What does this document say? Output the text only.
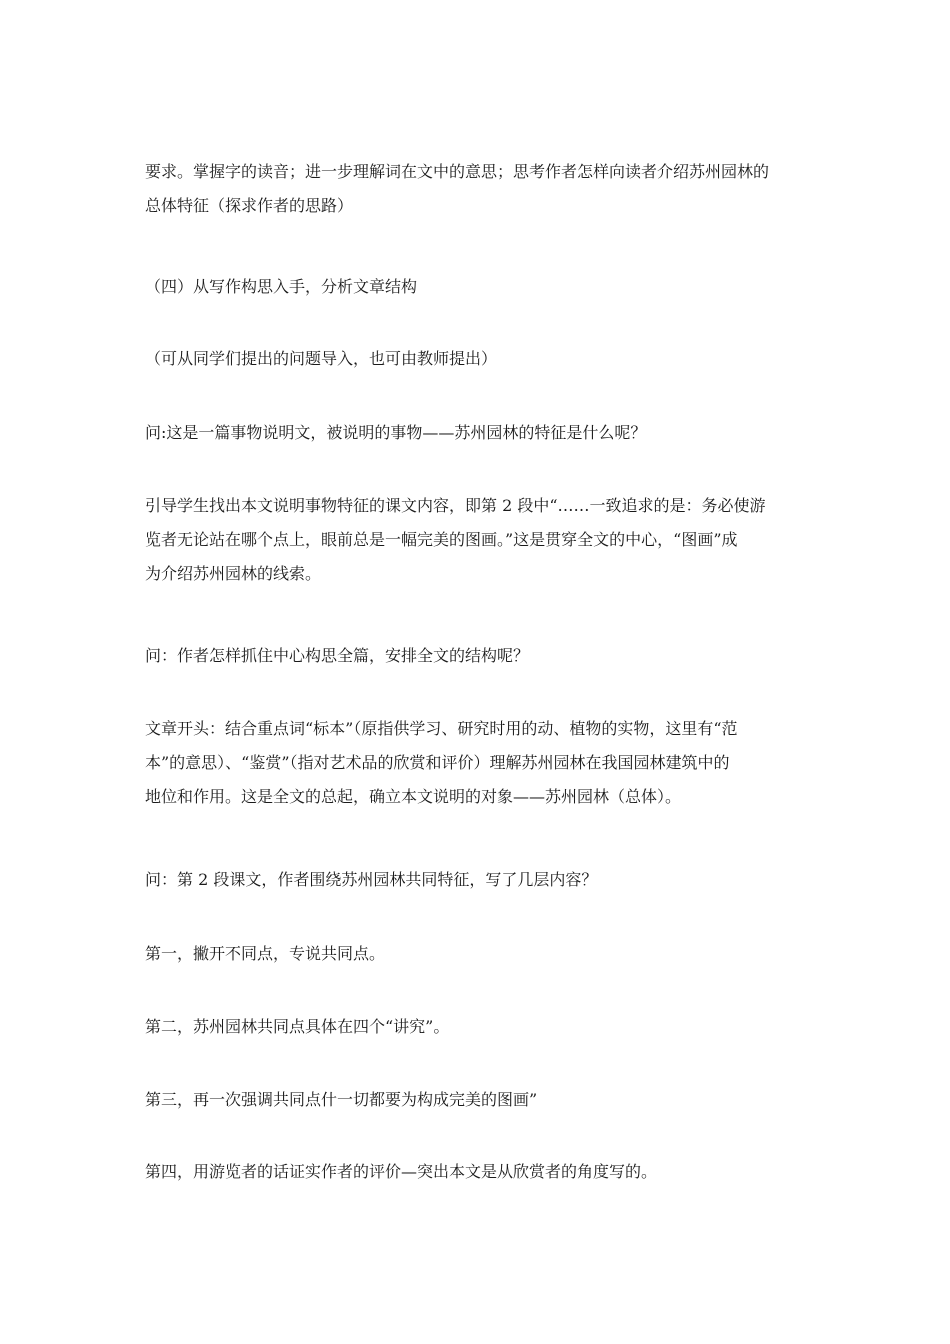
要求。掌握字的读音；进一步理解词在文中的意思；思考作者怎样向读者介绍苏州园林的
总体特征（探求作者的思路）
（四）从写作构思入手，分析文章结构
（可从同学们提出的问题导入，也可由教师提出）
问:这是一篇事物说明文，被说明的事物——苏州园林的特征是什么呢？
引导学生找出本文说明事物特征的课文内容，即第 2 段中“……一致追求的是：务必使游
览者无论站在哪个点上，眼前总是一幅完美的图画。”这是贯穿全文的中心，“图画”成
为介绍苏州园林的线索。
问：作者怎样抓住中心构思全篇，安排全文的结构呢？
文章开头：结合重点词“标本”（原指供学习、研究时用的动、植物的实物，这里有“范
本”的意思）、“鉴赏”（指对艺术品的欣赏和评价）理解苏州园林在我国园林建筑中的
地位和作用。这是全文的总起，确立本文说明的对象——苏州园林（总体）。
问：第 2 段课文，作者围绕苏州园林共同特征，写了几层内容？
第一，撇开不同点，专说共同点。
第二，苏州园林共同点具体在四个“讲究”。
第三，再一次强调共同点什一切都要为构成完美的图画”
第四，用游览者的话证实作者的评价—突出本文是从欣赏者的角度写的。
